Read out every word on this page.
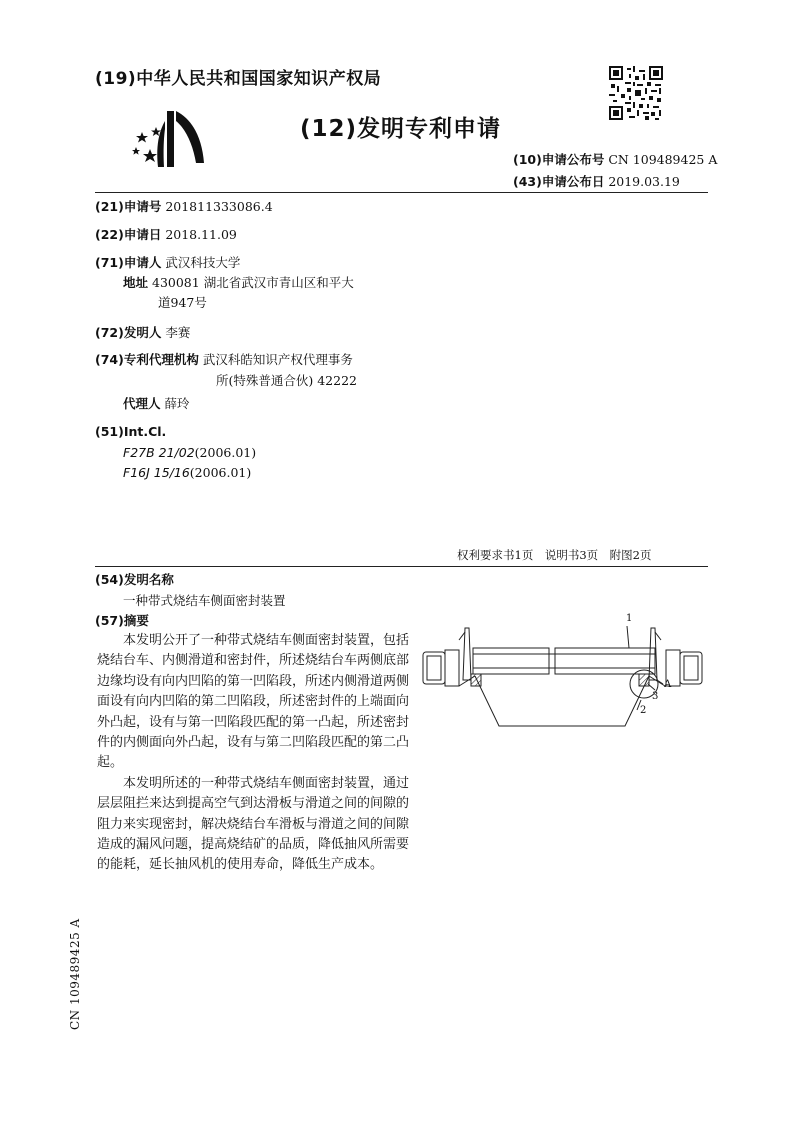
(19)中华人民共和国国家知识产权局
(12)发明专利申请
(10)申请公布号 CN 109489425 A
(43)申请公布日 2019.03.19
(21)申请号 201811333086.4
(22)申请日 2018.11.09
(71)申请人 武汉科技大学
地址 430081 湖北省武汉市青山区和平大
道947号
(72)发明人 李赛
(74)专利代理机构 武汉科皓知识产权代理事务
所(特殊普通合伙) 42222
代理人 薛玲
(51)Int.Cl.
F27B 21/02(2006.01)
F16J 15/16(2006.01)
权利要求书1页　说明书3页　附图2页
(54)发明名称
一种带式烧结车侧面密封装置
(57)摘要

本发明公开了一种带式烧结车侧面密封装置，包括烧结台车、内侧滑道和密封件，所述烧结台车两侧底部边缘均设有向内凹陷的第一凹陷段，所述内侧滑道两侧面设有向内凹陷的第二凹陷段，所述密封件的上端面向外凸起，设有与第一凹陷段匹配的第一凸起，所述密封件的内侧面向外凸起，设有与第二凹陷段匹配的第二凸起。

本发明所述的一种带式烧结车侧面密封装置，通过层层阻拦来达到提高空气到达滑板与滑道之间的间隙的阻力来实现密封，解决烧结台车滑板与滑道之间的间隙造成的漏风问题，提高烧结矿的品质，降低抽风所需要的能耗，延长抽风机的使用寿命，降低生产成本。

1
2
3
A
CN 109489425 A
